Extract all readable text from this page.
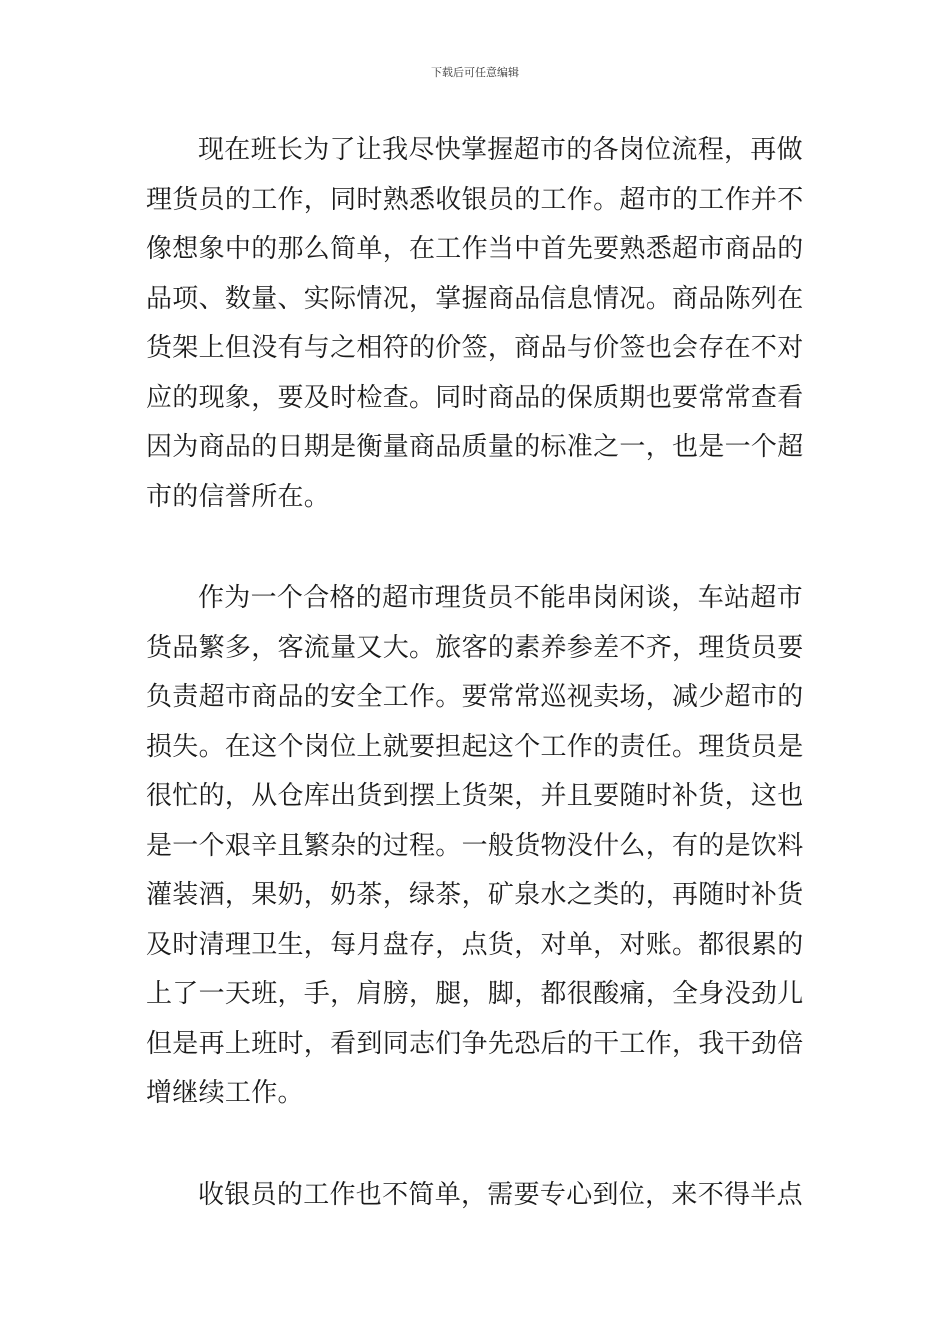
下载后可任意编辑
现在班长为了让我尽快掌握超市的各岗位流程，再做
理货员的工作，同时熟悉收银员的工作。超市的工作并不
像想象中的那么简单，在工作当中首先要熟悉超市商品的
品项、数量、实际情况，掌握商品信息情况。商品陈列在
货架上但没有与之相符的价签，商品与价签也会存在不对
应的现象，要及时检查。同时商品的保质期也要常常查看
因为商品的日期是衡量商品质量的标准之一，也是一个超
市的信誉所在。
作为一个合格的超市理货员不能串岗闲谈，车站超市
货品繁多，客流量又大。旅客的素养参差不齐，理货员要
负责超市商品的安全工作。要常常巡视卖场，减少超市的
损失。在这个岗位上就要担起这个工作的责任。理货员是
很忙的，从仓库出货到摆上货架，并且要随时补货，这也
是一个艰辛且繁杂的过程。一般货物没什么，有的是饮料
灌装酒，果奶，奶茶，绿茶，矿泉水之类的，再随时补货
及时清理卫生，每月盘存，点货，对单，对账。都很累的
上了一天班，手，肩膀，腿，脚，都很酸痛，全身没劲儿
但是再上班时，看到同志们争先恐后的干工作，我干劲倍
增继续工作。
收银员的工作也不简单，需要专心到位，来不得半点
